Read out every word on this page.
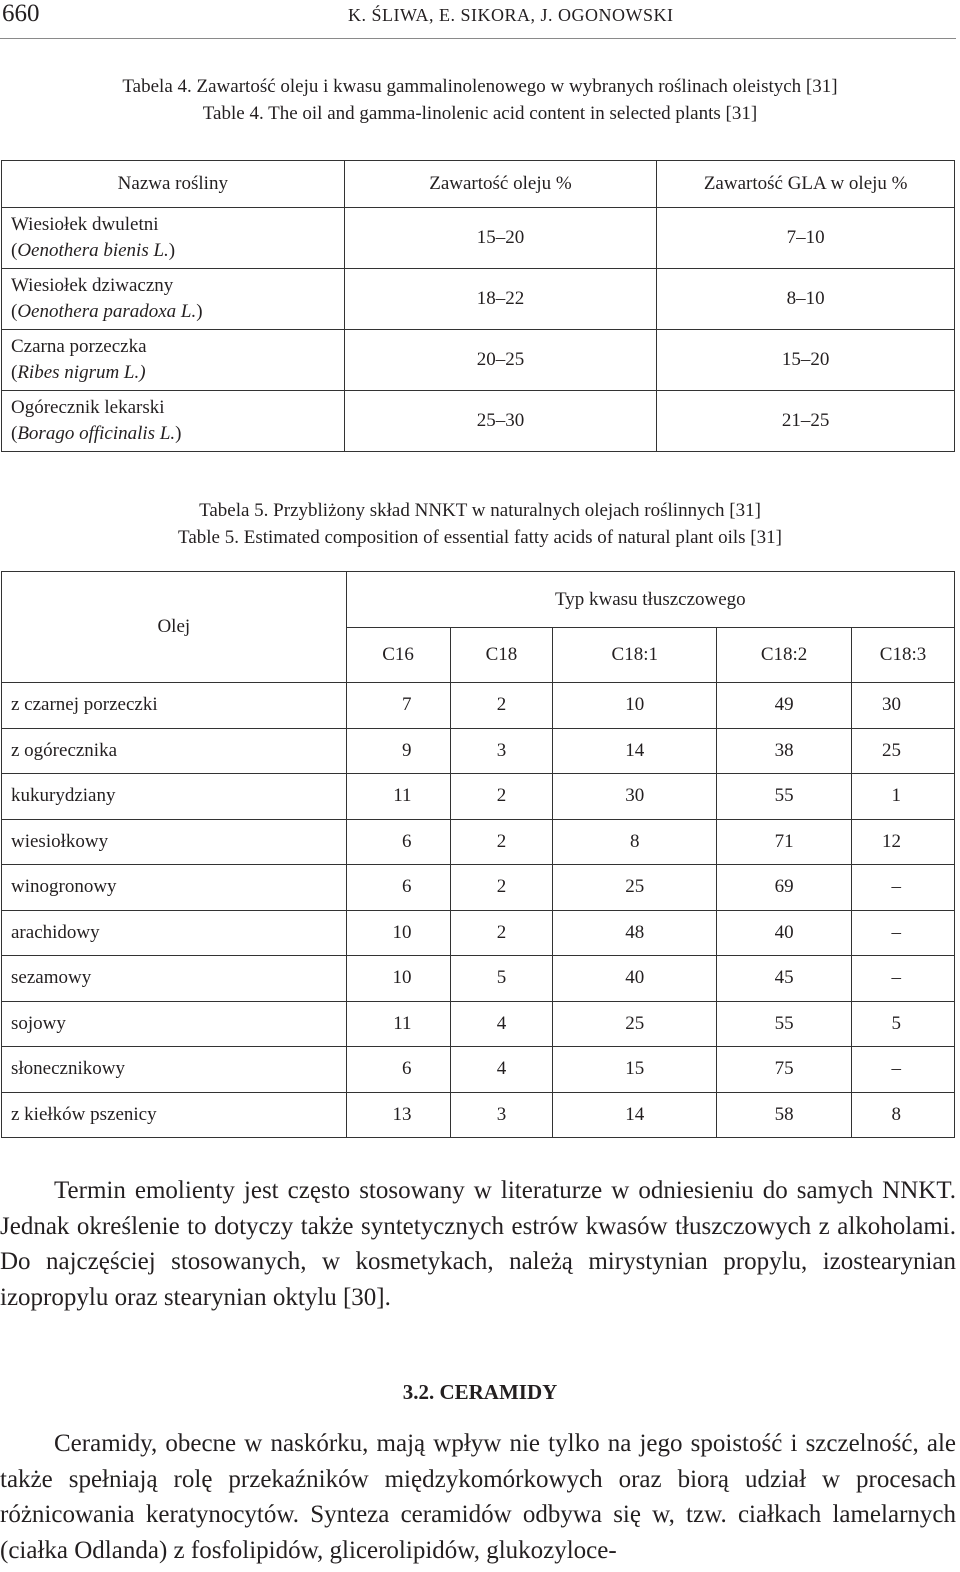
660	K. ŚLIWA, E. SIKORA, J. OGONOWSKI
Tabela 4. Zawartość oleju i kwasu gammalinolenowego w wybranych roślinach oleistych [31]
Table 4. The oil and gamma-linolenic acid content in selected plants [31]
Nazwa rośliny	Zawartość oleju %	Zawartość GLA w oleju %
Wiesiołek dwuletni
(Oenothera bienis L.)	15–20	7–10
Wiesiołek dziwaczny
(Oenothera paradoxa L.)	18–22	8–10
Czarna porzeczka
(Ribes nigrum L.)	20–25	15–20
Ogórecznik lekarski
(Borago officinalis L.)	25–30	21–25
Tabela 5. Przybliżony skład NNKT w naturalnych olejach roślinnych [31]
Table 5. Estimated composition of essential fatty acids of natural plant oils [31]
Olej	Typ kwasu tłuszczowego				
	C16	C18	C18:1	C18:2	C18:3
z czarnej porzeczki	7	2	10	49	30
z ogórecznika	9	3	14	38	25
kukurydziany	11	2	30	55	1
wiesiołkowy	6	2	8	71	12
winogronowy	6	2	25	69	–
arachidowy	10	2	48	40	–
sezamowy	10	5	40	45	–
sojowy	11	4	25	55	5
słonecznikowy	6	4	15	75	–
z kiełków pszenicy	13	3	14	58	8

Termin emolienty jest często stosowany w literaturze w odniesieniu do samych NNKT. Jednak określenie to dotyczy także syntetycznych estrów kwasów tłuszczowych z alkoholami. Do najczęściej stosowanych, w kosmetykach, należą mirystynian propylu, izostearynian izopropylu oraz stearynian oktylu [30].

3.2. CERAMIDY

Ceramidy, obecne w naskórku, mają wpływ nie tylko na jego spoistość i szczelność, ale także spełniają rolę przekaźników międzykomórkowych oraz biorą udział w procesach różnicowania keratynocytów. Synteza ceramidów odbywa się w, tzw. ciałkach lamelarnych (ciałka Odlanda) z fosfolipidów, glicerolipidów, glukozyloce-
